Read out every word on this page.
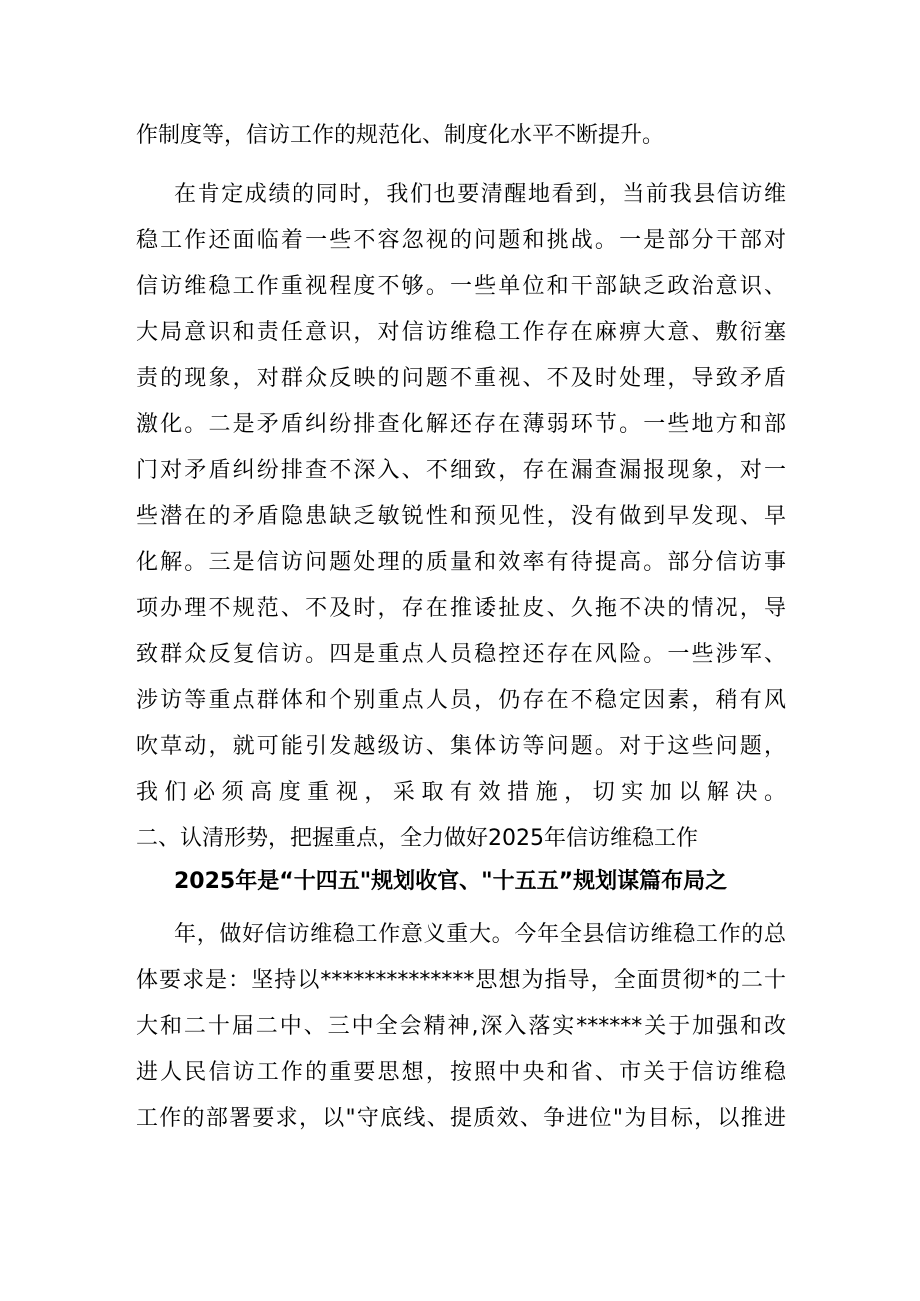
作制度等，信访工作的规范化、制度化水平不断提升。
在肯定成绩的同时，我们也要清醒地看到，当前我县信访维
稳工作还面临着一些不容忽视的问题和挑战。一是部分干部对
信访维稳工作重视程度不够。一些单位和干部缺乏政治意识、
大局意识和责任意识，对信访维稳工作存在麻痹大意、敷衍塞
责的现象，对群众反映的问题不重视、不及时处理，导致矛盾
激化。二是矛盾纠纷排查化解还存在薄弱环节。一些地方和部
门对矛盾纠纷排查不深入、不细致，存在漏查漏报现象，对一
些潜在的矛盾隐患缺乏敏锐性和预见性，没有做到早发现、早
化解。三是信访问题处理的质量和效率有待提高。部分信访事
项办理不规范、不及时，存在推诿扯皮、久拖不决的情况，导
致群众反复信访。四是重点人员稳控还存在风险。一些涉军、
涉访等重点群体和个别重点人员，仍存在不稳定因素，稍有风
吹草动，就可能引发越级访、集体访等问题。对于这些问题，
我们必须高度重视，采取有效措施，切实加以解决。
二、认清形势，把握重点，全力做好2025年信访维稳工作
2025年是“十四五"规划收官、"十五五”规划谋篇布局之
年，做好信访维稳工作意义重大。今年全县信访维稳工作的总
体要求是：坚持以**************思想为指导，全面贯彻*的二十
大和二十届二中、三中全会精神,深入落实******关于加强和改
进人民信访工作的重要思想，按照中央和省、市关于信访维稳
工作的部署要求，以"守底线、提质效、争进位"为目标，以推进
